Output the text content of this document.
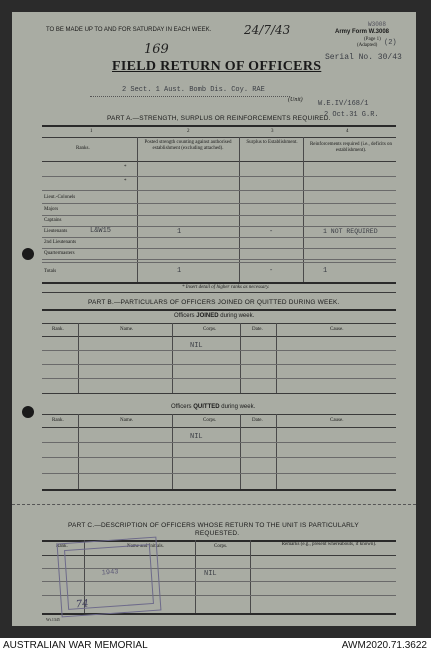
TO BE MADE UP TO AND FOR SATURDAY IN EACH WEEK.	24/7/43	W3008
Army Form W.3008
(Page 1)
(Adapted) (2)
Serial No. 30/43
169
FIELD RETURN OF OFFICERS
2 Sect. 1 Aust. Bomb Dis. Coy. RAE
(Unit) W.E.IV/168/1
2 Oct.31 G.R.
PART A.—STRENGTH, SURPLUS OR REINFORCEMENTS REQUIRED.
1	2	3	4
Ranks.
Posted strength counting against authorised establishment (excluding attached).
Surplus to Establishment.	Reinforcements required (i.e., deficits on establishment).
*
*
Lieut.-Colonels
Majors
Captains
Lieutenants	L&W15	1	-	1 NOT REQUIRED
2nd Lieutenants
Quartermasters
Totals	1	-	1
* Insert detail of higher ranks as necessary.
PART B.—PARTICULARS OF OFFICERS JOINED OR QUITTED DURING WEEK.
Officers JOINED during week.
Rank.	Name.	Corps.	Date.	Cause.
NIL
Officers QUITTED during week.
Rank.	Name.	Corps.	Date.	Cause.
NIL
PART C.—DESCRIPTION OF OFFICERS WHOSE RETURN TO THE UNIT IS PARTICULARLY
REQUESTED.
Rank.	Name and Initials.	Corps.	Remarks (e.g., present whereabouts, if known).
NIL
1943
74
Wt.1345
AUSTRALIAN WAR MEMORIAL	AWM2020.71.3622
